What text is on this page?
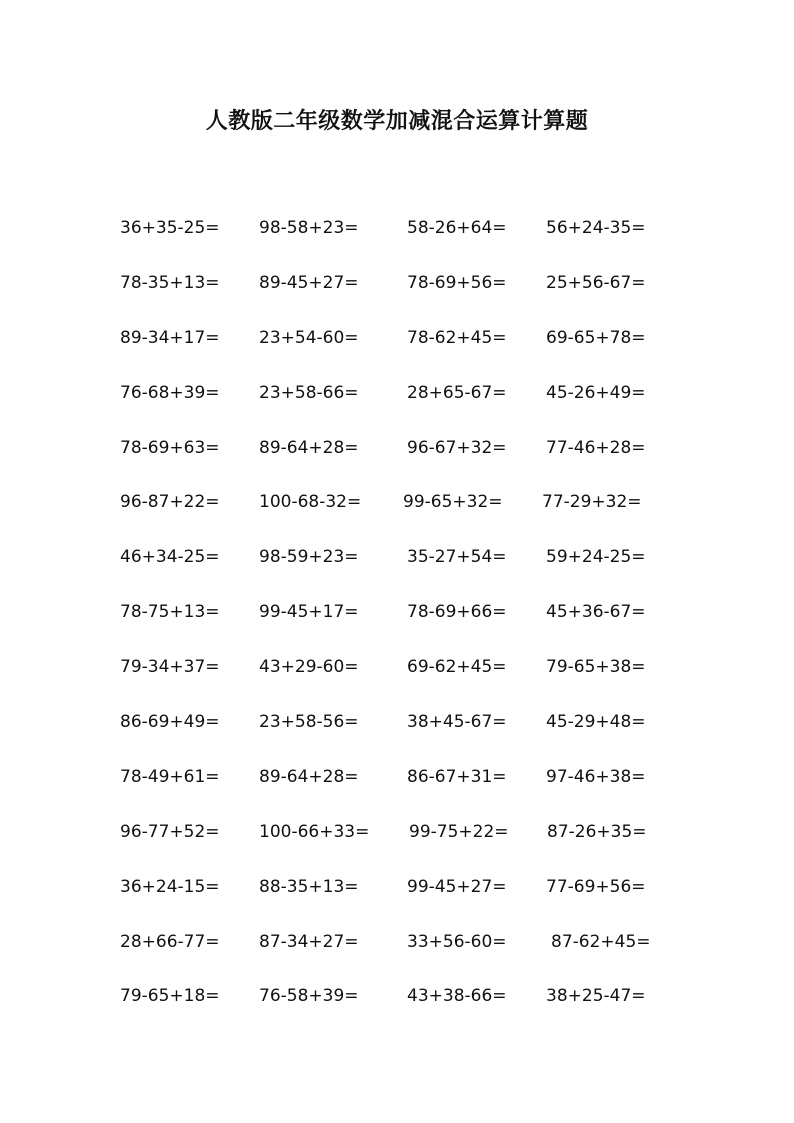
人教版二年级数学加减混合运算计算题
36+35-25= 98-58+23=	58-26+64= 56+24-35=
78-35+13= 89-45+27=	78-69+56= 25+56-67=
89-34+17= 23+54-60=	78-62+45= 69-65+78=
76-68+39= 23+58-66=	28+65-67= 45-26+49=
78-69+63= 89-64+28=	96-67+32= 77-46+28=
96-87+22= 100-68-32= 99-65+32= 77-29+32=
46+34-25= 98-59+23=	35-27+54= 59+24-25=
78-75+13= 99-45+17=	78-69+66= 45+36-67=
79-34+37= 43+29-60=	69-62+45= 79-65+38=
86-69+49= 23+58-56=	38+45-67= 45-29+48=
78-49+61= 89-64+28=	86-67+31= 97-46+38=
96-77+52= 100-66+33= 99-75+22= 87-26+35=
36+24-15= 88-35+13=	99-45+27= 77-69+56=
28+66-77= 87-34+27=	33+56-60=	87-62+45=
79-65+18= 76-58+39=	43+38-66= 38+25-47=
